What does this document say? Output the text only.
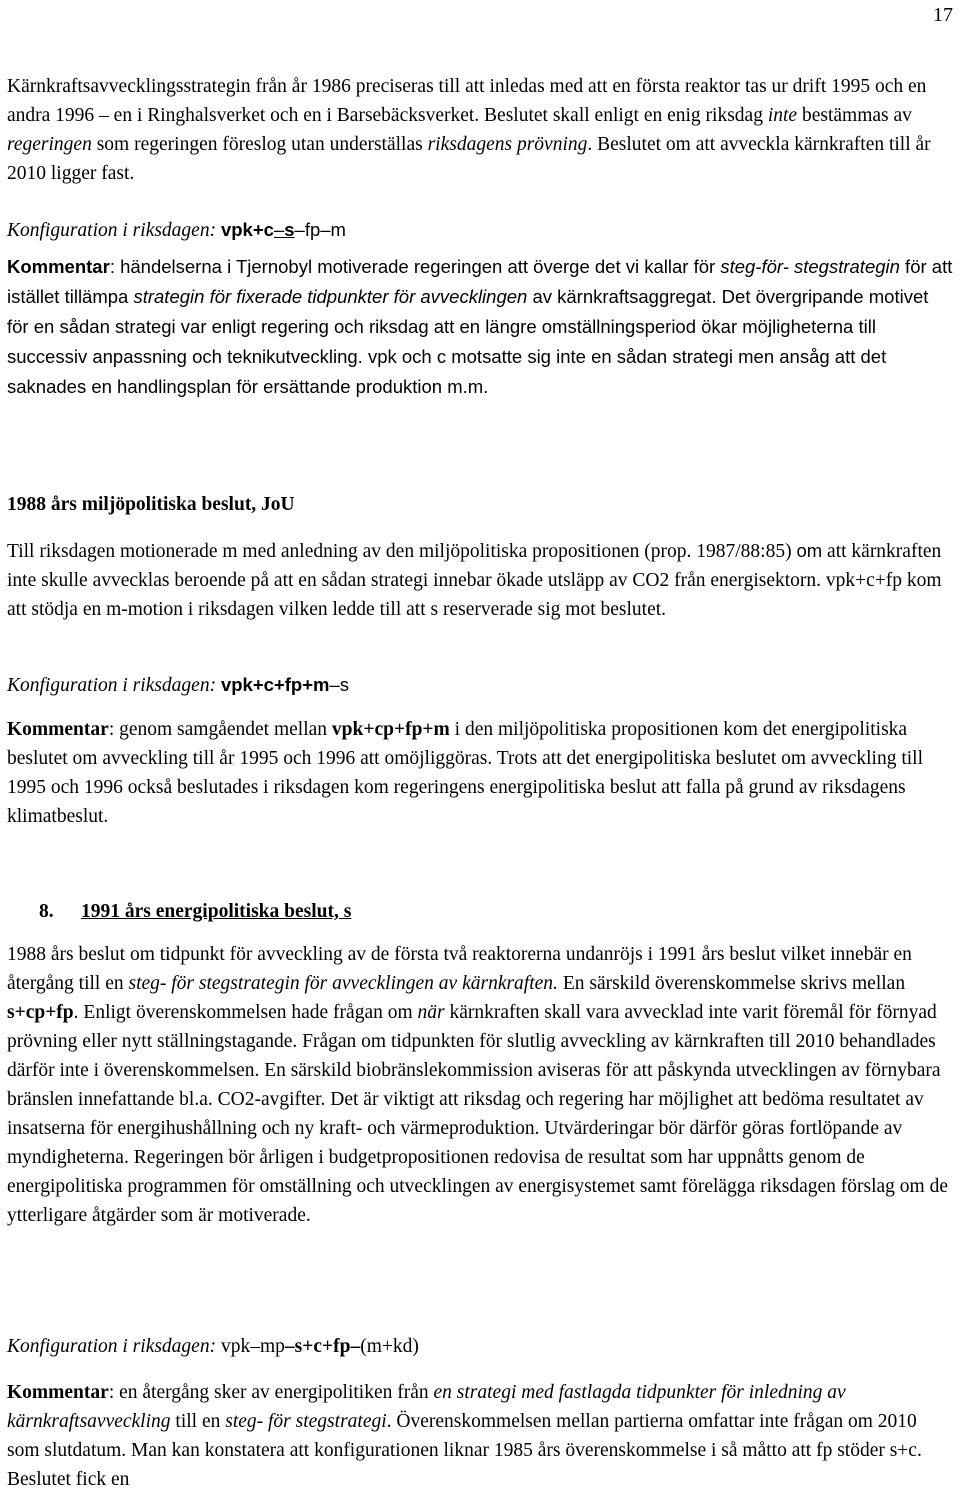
17

Kärnkraftsavvecklingsstrategin från år 1986 preciseras till att inledas med att en första reaktor tas ur drift 1995 och en andra 1996 – en i Ringhalsverket och en i Barsebäcksverket. Beslutet skall enligt en enig riksdag inte bestämmas av regeringen som regeringen föreslog utan underställas riksdagens prövning. Beslutet om att avveckla kärnkraften till år 2010 ligger fast.

Konfiguration i riksdagen: vpk+c–s–fp–m

Kommentar: händelserna i Tjernobyl motiverade regeringen att överge det vi kallar för steg-för- stegstrategin för att istället tillämpa strategin för fixerade tidpunkter för avvecklingen av kärnkraftsaggregat. Det övergripande motivet för en sådan strategi var enligt regering och riksdag att en längre omställningsperiod ökar möjligheterna till successiv anpassning och teknikutveckling. vpk och c motsatte sig inte en sådan strategi men ansåg att det saknades en handlingsplan för ersättande produktion m.m.

1988 års miljöpolitiska beslut, JoU

Till riksdagen motionerade m med anledning av den miljöpolitiska propositionen (prop. 1987/88:85) om att kärnkraften inte skulle avvecklas beroende på att en sådan strategi innebar ökade utsläpp av CO2 från energisektorn. vpk+c+fp kom att stödja en m-motion i riksdagen vilken ledde till att s reserverade sig mot beslutet.

Konfiguration i riksdagen: vpk+c+fp+m–s

Kommentar: genom samgåendet mellan vpk+cp+fp+m i den miljöpolitiska propositionen kom det energipolitiska beslutet om avveckling till år 1995 och 1996 att omöjliggöras. Trots att det energipolitiska beslutet om avveckling till 1995 och 1996 också beslutades i riksdagen kom regeringens energipolitiska beslut att falla på grund av riksdagens klimatbeslut.

8. 1991 års energipolitiska beslut, s

1988 års beslut om tidpunkt för avveckling av de första två reaktorerna undanröjs i 1991 års beslut vilket innebär en återgång till en steg- för stegstrategin för avvecklingen av kärnkraften. En särskild överenskommelse skrivs mellan s+cp+fp. Enligt överenskommelsen hade frågan om när kärnkraften skall vara avvecklad inte varit föremål för förnyad prövning eller nytt ställningstagande. Frågan om tidpunkten för slutlig avveckling av kärnkraften till 2010 behandlades därför inte i överenskommelsen. En särskild biobränslekommission aviseras för att påskynda utvecklingen av förnybara bränslen innefattande bl.a. CO2-avgifter. Det är viktigt att riksdag och regering har möjlighet att bedöma resultatet av insatserna för energihushållning och ny kraft- och värmeproduktion. Utvärderingar bör därför göras fortlöpande av myndigheterna. Regeringen bör årligen i budgetpropositionen redovisa de resultat som har uppnåtts genom de energipolitiska programmen för omställning och utvecklingen av energisystemet samt förelägga riksdagen förslag om de ytterligare åtgärder som är motiverade.

Konfiguration i riksdagen: vpk–mp–s+c+fp–(m+kd)

Kommentar: en återgång sker av energipolitiken från en strategi med fastlagda tidpunkter för inledning av kärnkraftsavveckling till en steg- för stegstrategi. Överenskommelsen mellan partierna omfattar inte frågan om 2010 som slutdatum. Man kan konstatera att konfigurationen liknar 1985 års överenskommelse i så måtto att fp stöder s+c. Beslutet fick en
